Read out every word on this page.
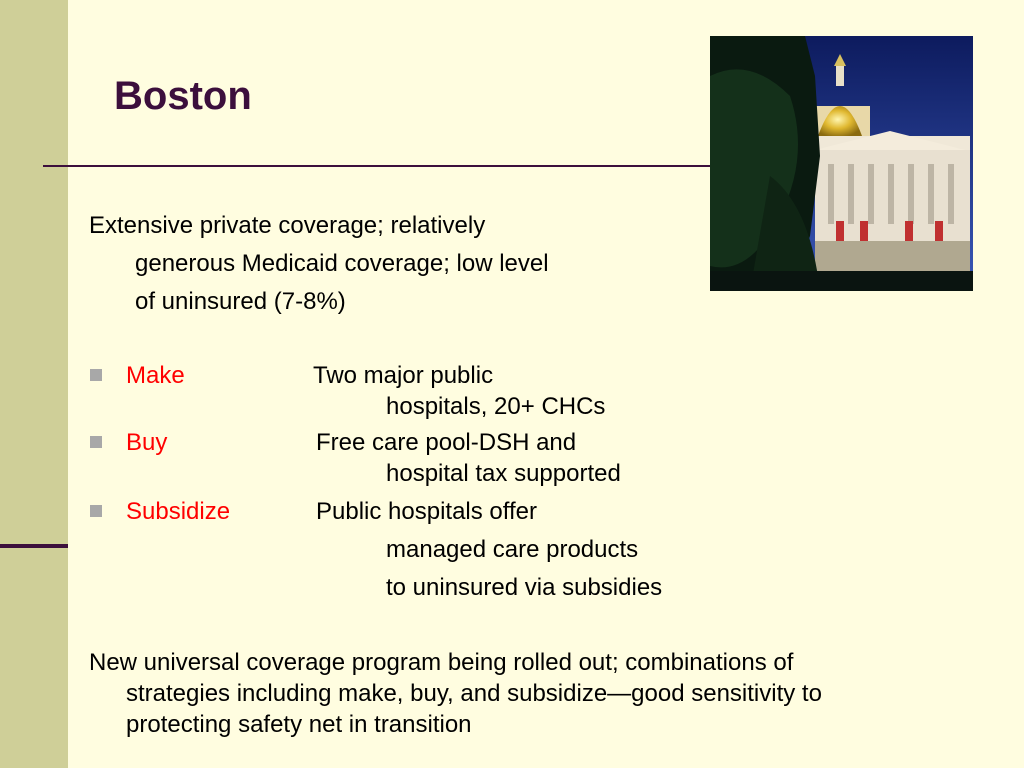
Boston
Extensive private coverage; relatively
generous Medicaid coverage; low level
of uninsured (7-8%)
Make	Two major public
hospitals, 20+ CHCs
Buy	Free care pool-DSH and
hospital tax supported
Subsidize	Public hospitals offer
managed care products
to uninsured via subsidies
New universal coverage program being rolled out; combinations of
strategies including make, buy, and subsidize—good sensitivity to
protecting safety net in transition
